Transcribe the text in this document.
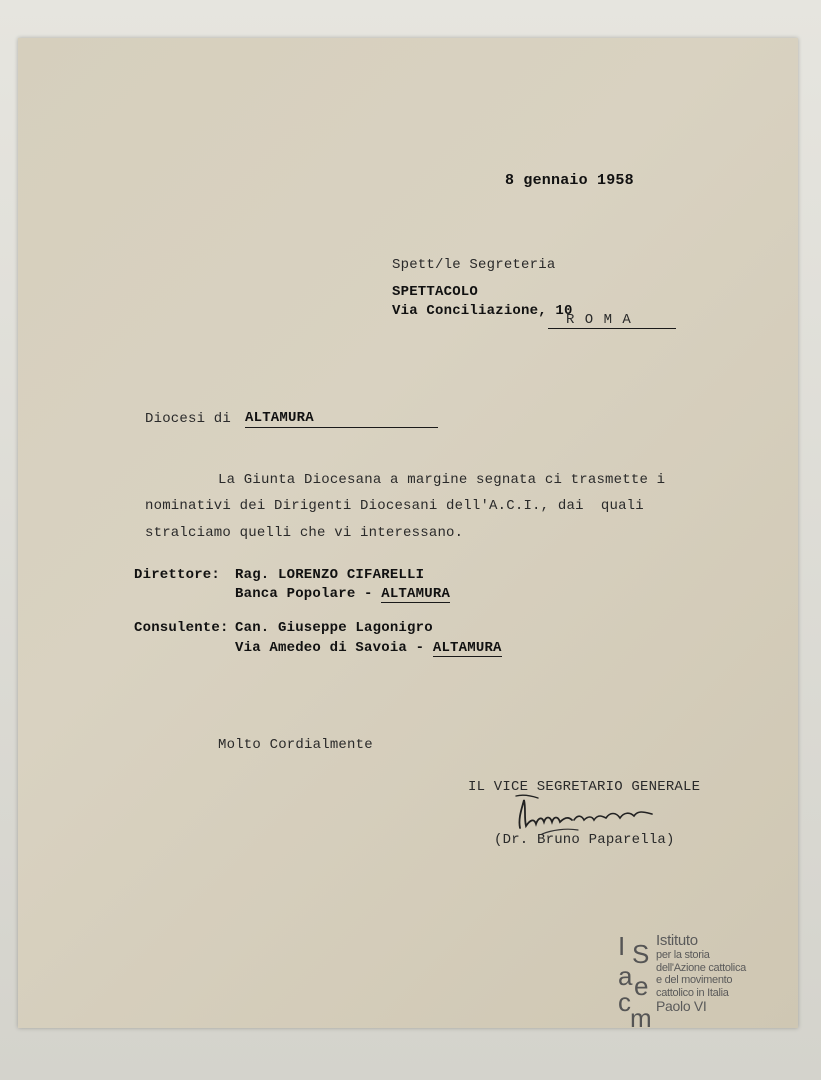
8 gennaio 1958
Spett/le Segreteria
SPETTACOLO
Via Conciliazione, 10
R O M A
Diocesi di ALTAMURA
La Giunta Diocesana a margine segnata ci trasmette i
nominativi dei Dirigenti Diocesani dell'A.C.I., dai  quali
stralciamo quelli che vi interessano.
Direttore: Rag. LORENZO CIFARELLI
Banca Popolare - ALTAMURA
Consulente: Can. Giuseppe Lagonigro
Via Amedeo di Savoia - ALTAMURA
Molto Cordialmente
IL VICE SEGRETARIO GENERALE
(Dr. Bruno Paparella)
I S
a e
c
m
Istituto
per la storia
dell'Azione cattolica
e del movimento
cattolico in Italia
Paolo VI
